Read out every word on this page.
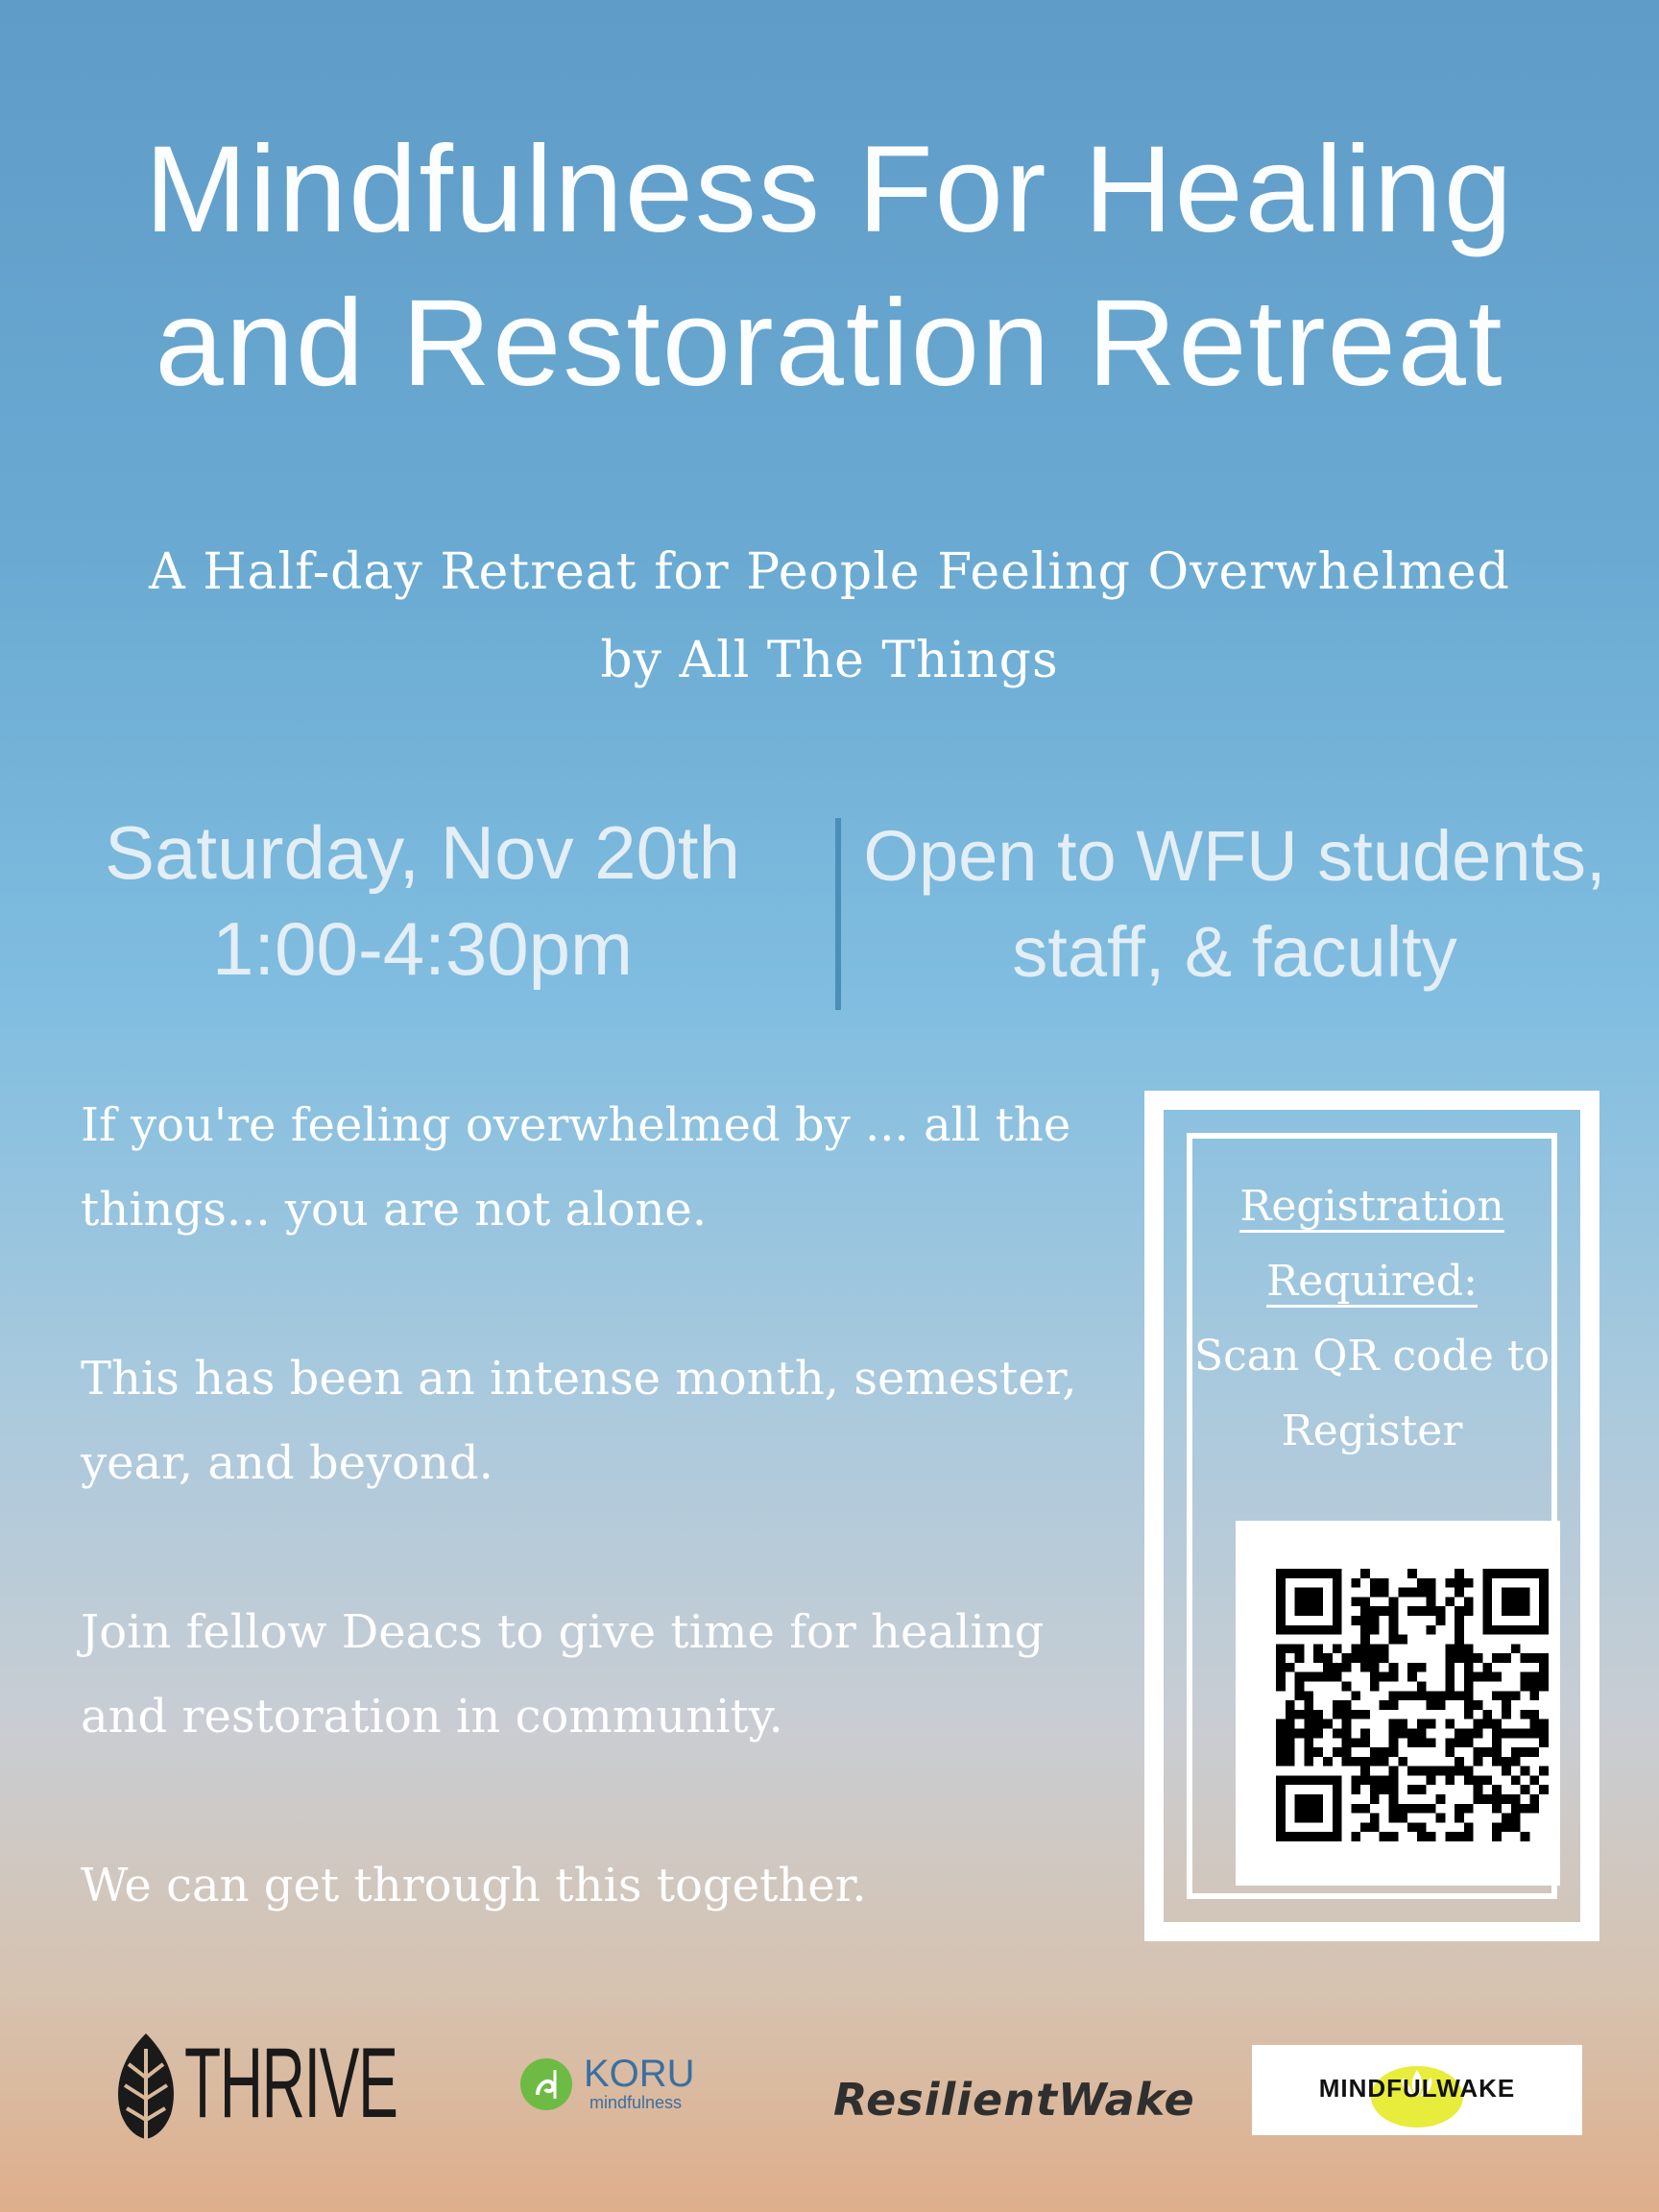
Mindfulness For Healing
and Restoration Retreat
A Half-day Retreat for People Feeling Overwhelmed
by All The Things
Saturday, Nov 20th
1:00-4:30pm
Open to WFU students,
staff, & faculty

If you're feeling overwhelmed by ... all the things... you are not alone.

This has been an intense month, semester, year, and beyond.

Join fellow Deacs to give time for healing and restoration in community.

We can get through this together.

Registration
Required:
Scan QR code to
Register
THRIVE	KORU
mindfulness	ResilientWake	MINDFULWAKE
